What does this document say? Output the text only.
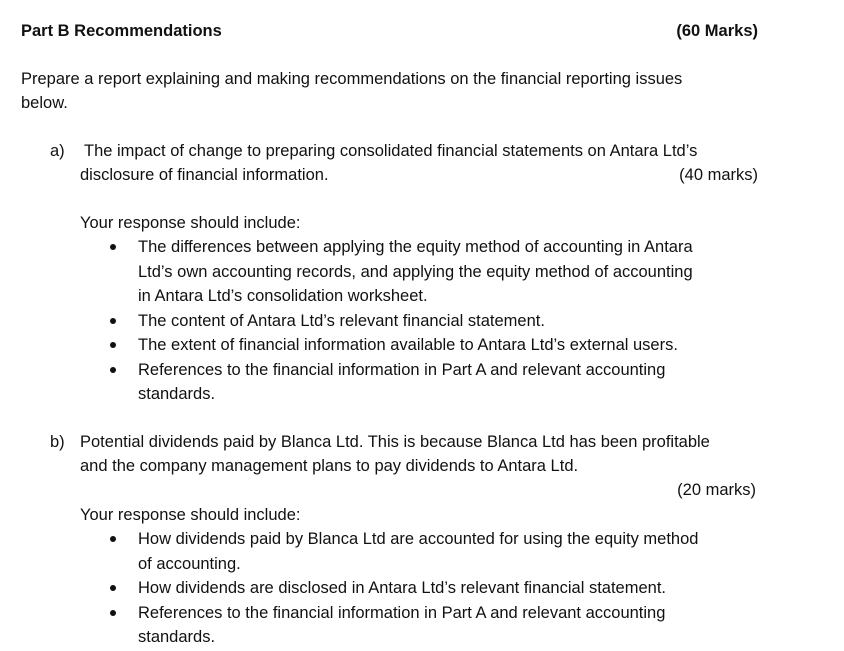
Part B Recommendations	(60 Marks)
Prepare a report explaining and making recommendations on the financial reporting issues
below.
a) The impact of change to preparing consolidated financial statements on Antara Ltd’s
disclosure of financial information.	(40 marks)
Your response should include:
The differences between applying the equity method of accounting in Antara
Ltd’s own accounting records, and applying the equity method of accounting
in Antara Ltd’s consolidation worksheet.
The content of Antara Ltd’s relevant financial statement.
The extent of financial information available to Antara Ltd’s external users.
References to the financial information in Part A and relevant accounting
standards.
b) Potential dividends paid by Blanca Ltd. This is because Blanca Ltd has been profitable
and the company management plans to pay dividends to Antara Ltd.
(20 marks)
Your response should include:
How dividends paid by Blanca Ltd are accounted for using the equity method
of accounting.
How dividends are disclosed in Antara Ltd’s relevant financial statement.
References to the financial information in Part A and relevant accounting
standards.
